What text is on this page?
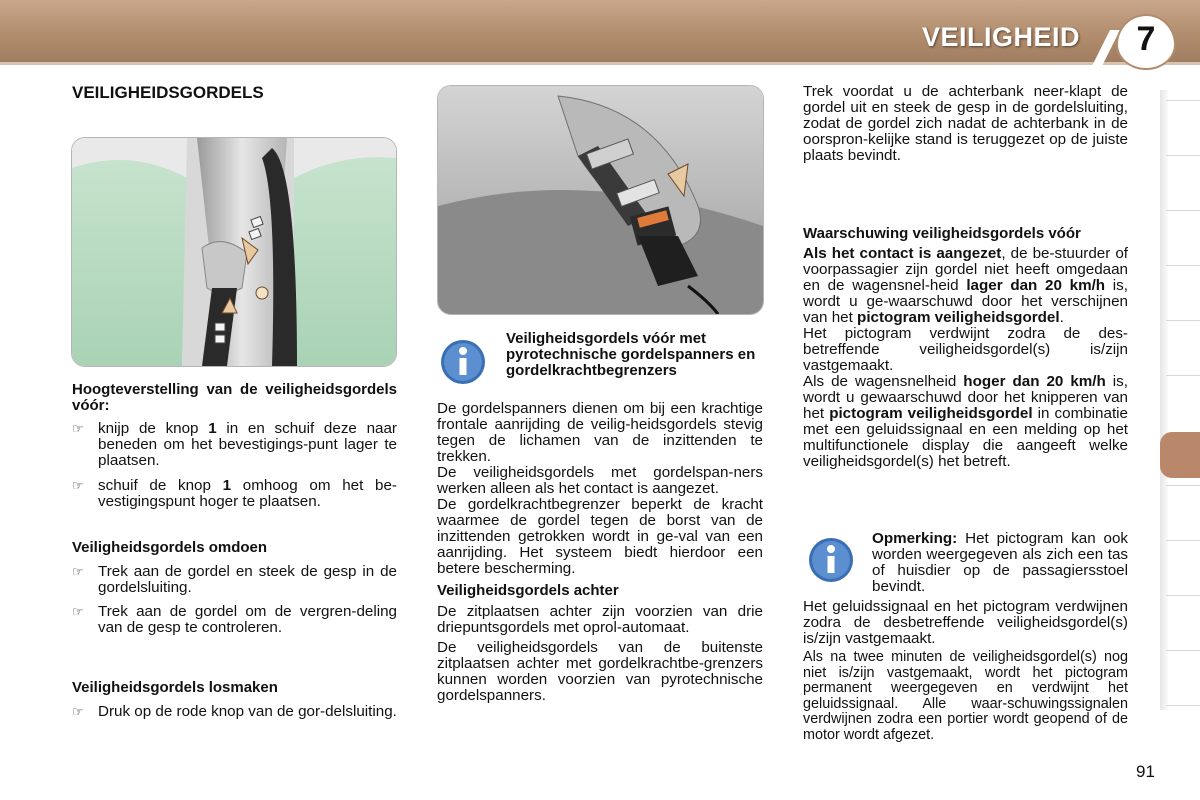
VEILIGHEID	7
VEILIGHEIDSGORDELS

Hoogteverstelling van de veiligheidsgordels vóór:

☞ knijp de knop 1 in en schuif deze naar beneden om het bevestigings-punt lager te plaatsen.
☞ schuif de knop 1 omhoog om het be-vestigingspunt hoger te plaatsen.

Veiligheidsgordels omdoen

☞ Trek aan de gordel en steek de gesp in de gordelsluiting.
☞ Trek aan de gordel om de vergren-deling van de gesp te controleren.

Veiligheidsgordels losmaken

☞ Druk op de rode knop van de gor-delsluiting.

Veiligheidsgordels vóór met pyrotechnische gordelspanners en gordelkrachtbegrenzers

De gordelspanners dienen om bij een krachtige frontale aanrijding de veilig-heidsgordels stevig tegen de lichamen van de inzittenden te trekken.

De veiligheidsgordels met gordelspan-ners werken alleen als het contact is aangezet.

De gordelkrachtbegrenzer beperkt de kracht waarmee de gordel tegen de borst van de inzittenden getrokken wordt in ge-val van een aanrijding. Het systeem biedt hierdoor een betere bescherming.

Veiligheidsgordels achter

De zitplaatsen achter zijn voorzien van drie driepuntsgordels met oprol-automaat.

De veiligheidsgordels van de buitenste zitplaatsen achter met gordelkrachtbe-grenzers kunnen worden voorzien van pyrotechnische gordelspanners.

Trek voordat u de achterbank neer-klapt de gordel uit en steek de gesp in de gordelsluiting, zodat de gordel zich nadat de achterbank in de oorspron-kelijke stand is teruggezet op de juiste plaats bevindt.

Waarschuwing veiligheidsgordels vóór

Als het contact is aangezet, de be-stuurder of voorpassagier zijn gordel niet heeft omgedaan en de wagensnel-heid lager dan 20 km/h is, wordt u ge-waarschuwd door het verschijnen van het pictogram veiligheidsgordel.

Het pictogram verdwijnt zodra de des-betreffende veiligheidsgordel(s) is/zijn vastgemaakt.

Als de wagensnelheid hoger dan 20 km/h is, wordt u gewaarschuwd door het knipperen van het pictogram veiligheidsgordel in combinatie met een geluidssignaal en een melding op het multifunctionele display die aangeeft welke veiligheidsgordel(s) het betreft.

Opmerking: Het pictogram kan ook worden weergegeven als zich een tas of huisdier op de passagiersstoel bevindt.

Het geluidssignaal en het pictogram verdwijnen zodra de desbetreffende veiligheidsgordel(s) is/zijn vastgemaakt.

Als na twee minuten de veiligheidsgordel(s) nog niet is/zijn vastgemaakt, wordt het pictogram permanent weergegeven en verdwijnt het geluidssignaal. Alle waar-schuwingssignalen verdwijnen zodra een portier wordt geopend of de motor wordt afgezet.

91
